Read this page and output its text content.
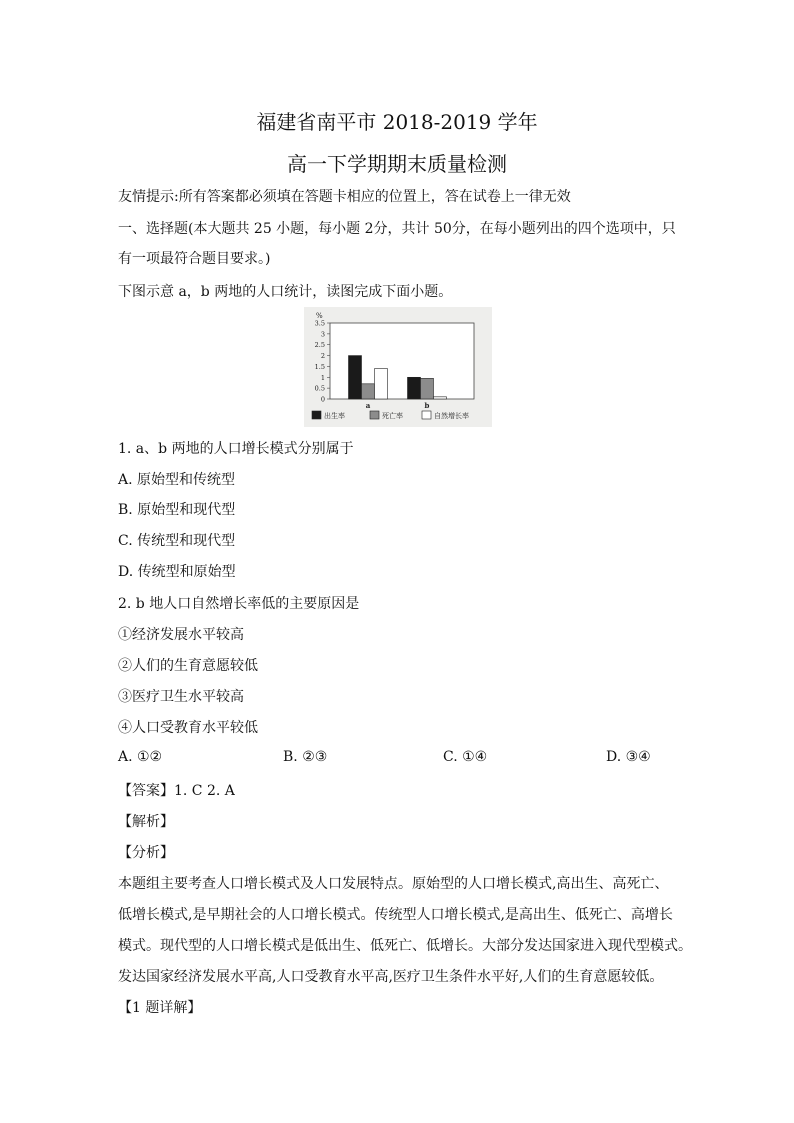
福建省南平市 2018-2019 学年
高一下学期期末质量检测
友情提示:所有答案都必须填在答题卡相应的位置上，答在试卷上一律无效
一、选择题(本大题共 25 小题，每小题 2分，共计 50分，在每小题列出的四个选项中，只
有一项最符合题目要求。)
下图示意 a，b 两地的人口统计，读图完成下面小题。
%
3.5
3
2.5
2
1.5
1
0.5
0
a	b
出生率	死亡率	自然增长率
1. a、b 两地的人口增长模式分别属于
A. 原始型和传统型
B. 原始型和现代型
C. 传统型和现代型
D. 传统型和原始型
2. b 地人口自然增长率低的主要原因是
①经济发展水平较高
②人们的生育意愿较低
③医疗卫生水平较高
④人口受教育水平较低
A. ①②	B. ②③	C. ①④	D. ③④
【答案】1. C 2. A
【解析】
【分析】
本题组主要考查人口增长模式及人口发展特点。原始型的人口增长模式,高出生、高死亡、
低增长模式,是早期社会的人口增长模式。传统型人口增长模式,是高出生、低死亡、高增长
模式。现代型的人口增长模式是低出生、低死亡、低增长。大部分发达国家进入现代型模式。
发达国家经济发展水平高,人口受教育水平高,医疗卫生条件水平好,人们的生育意愿较低。
【1 题详解】
